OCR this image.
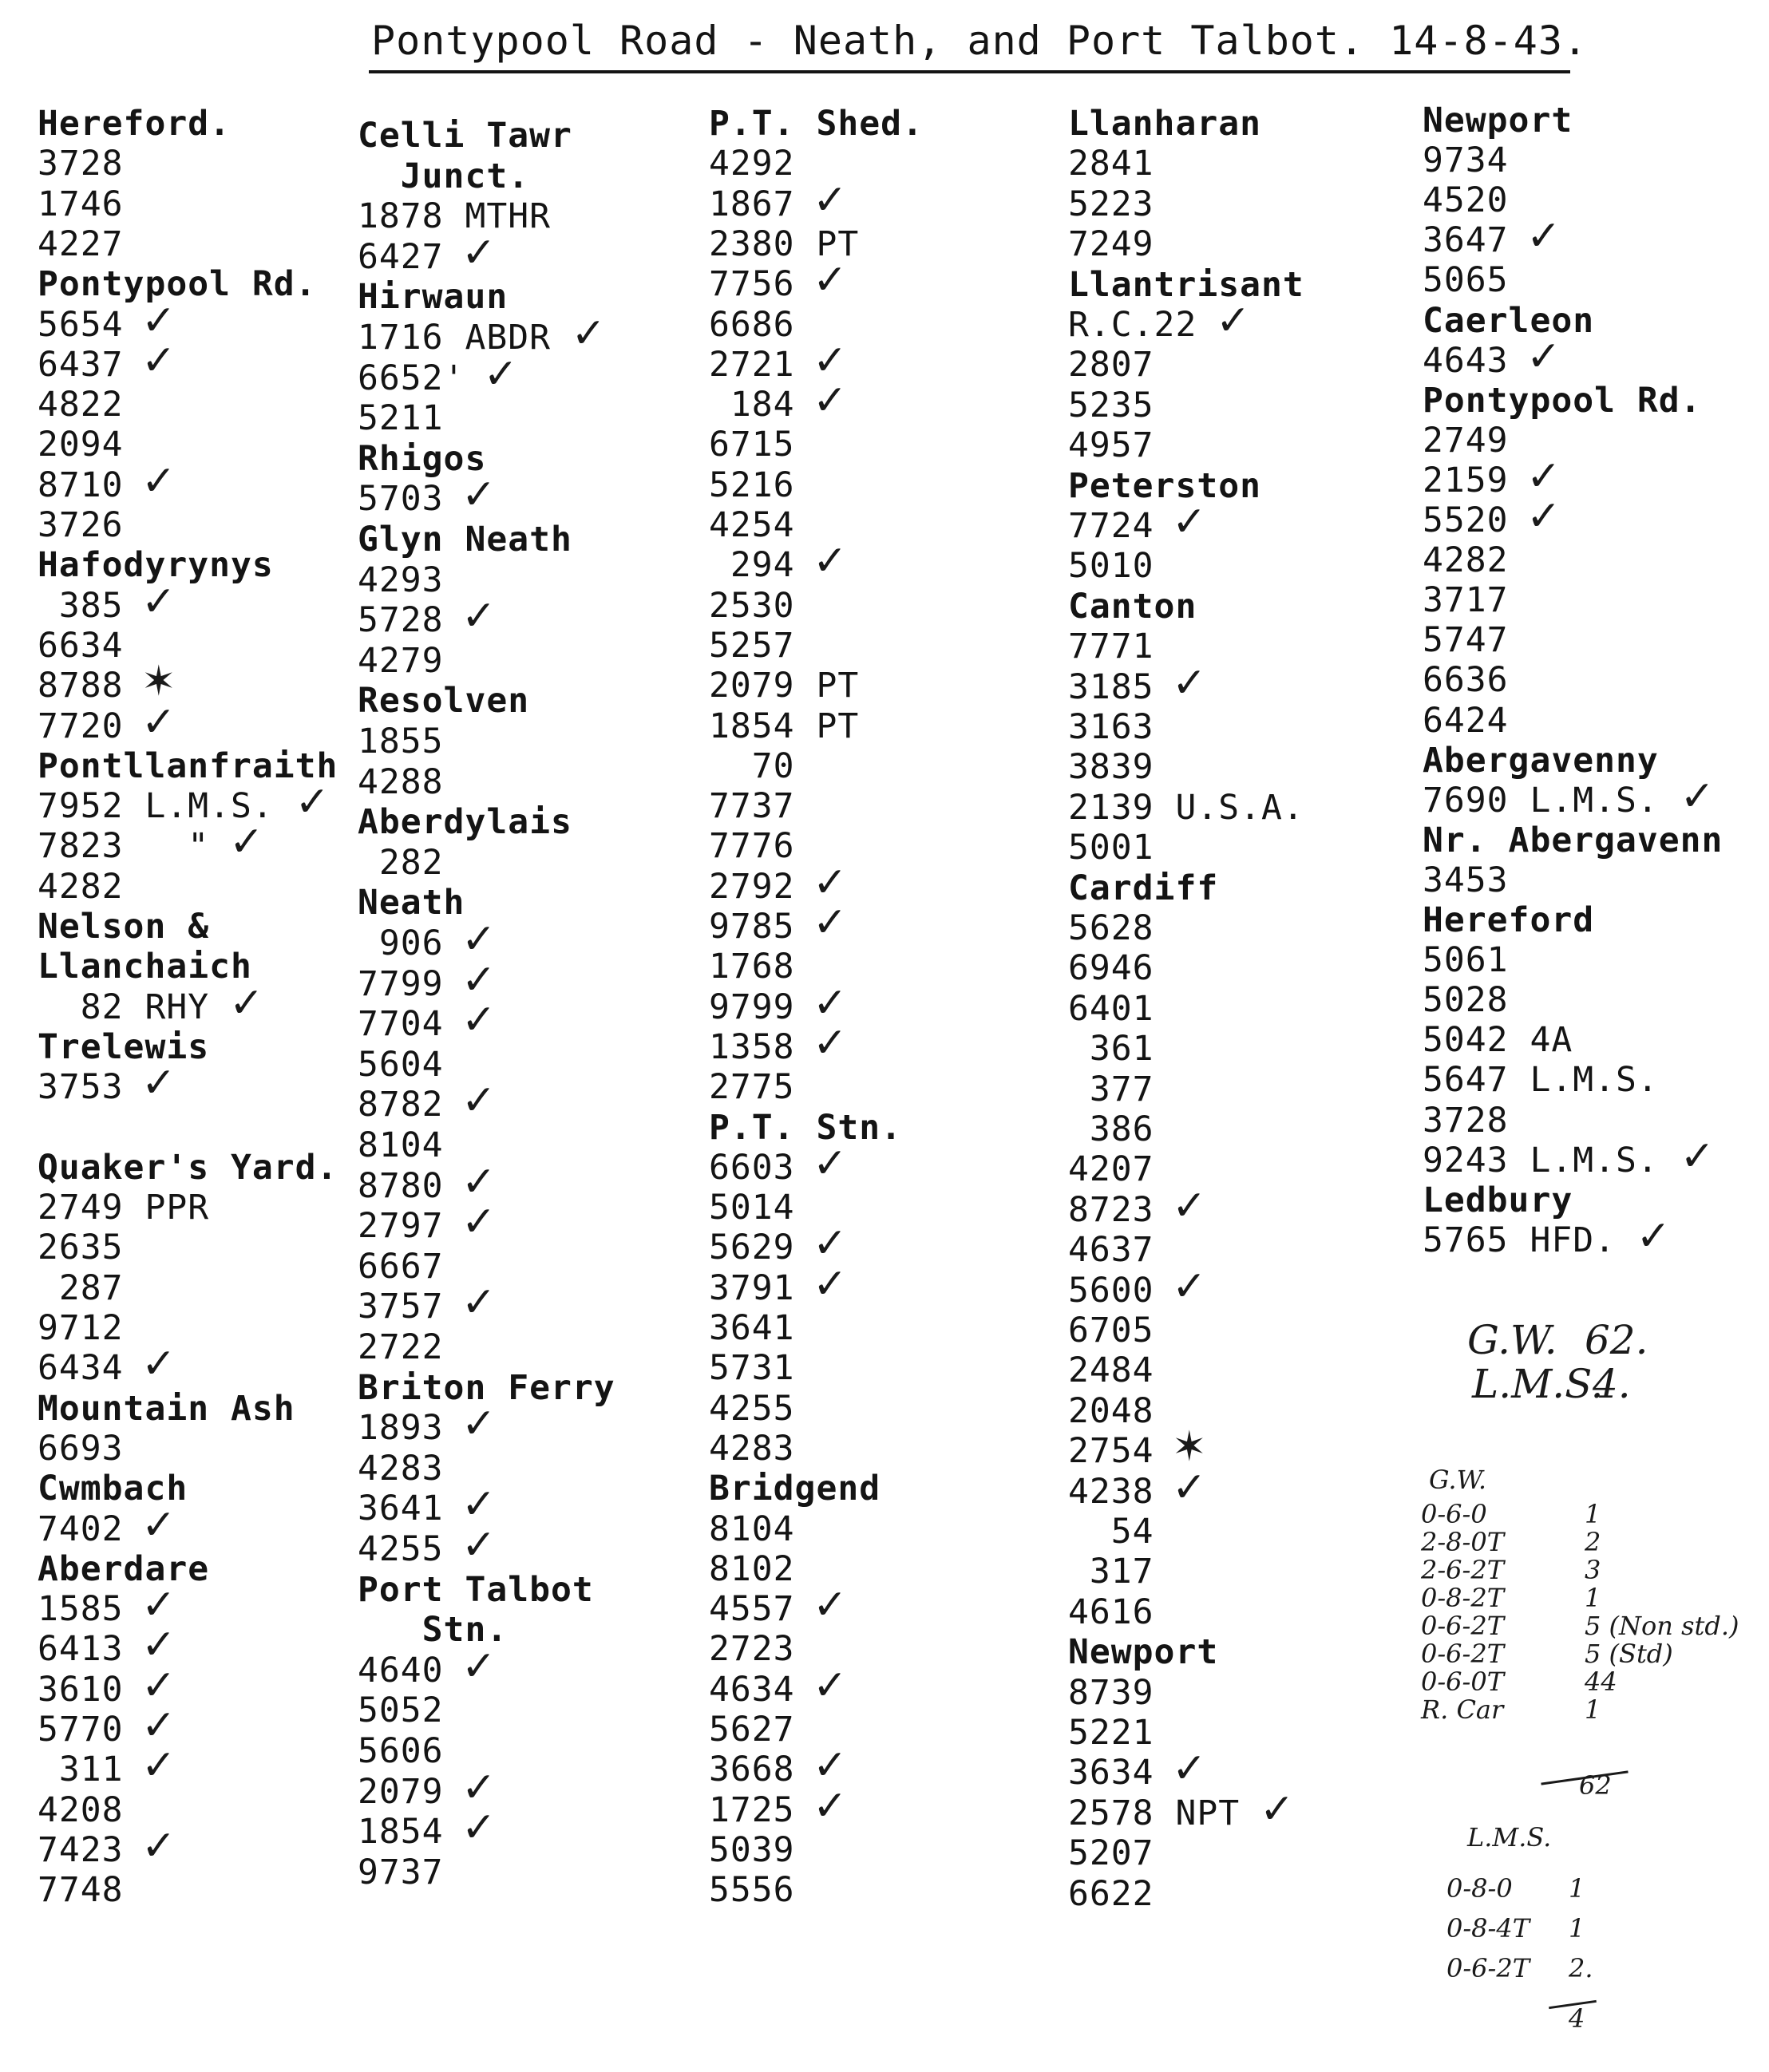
Pontypool Road - Neath, and Port Talbot. 14-8-43.
Hereford.
3728
1746
4227
Pontypool Rd.
5654 ✓
6437 ✓
4822
2094
8710 ✓
3726
Hafodyrynys
385 ✓
6634
8788 ✶
7720 ✓
Pontllanfraith
7952 L.M.S. ✓
7823   " ✓
4282
Nelson &
Llanchaich
82 RHY ✓
Trelewis
3753 ✓
Quaker's Yard.
2749 PPR
2635
287
9712
6434 ✓
Mountain Ash
6693
Cwmbach
7402 ✓
Aberdare
1585 ✓
6413 ✓
3610 ✓
5770 ✓
311 ✓
4208
7423 ✓
7748
Celli Tawr
Junct.
1878 MTHR
6427 ✓
Hirwaun
1716 ABDR ✓
6652' ✓
5211
Rhigos
5703 ✓
Glyn Neath
4293
5728 ✓
4279
Resolven
1855
4288
Aberdylais
282
Neath
906 ✓
7799 ✓
7704 ✓
5604
8782 ✓
8104
8780 ✓
2797 ✓
6667
3757 ✓
2722
Briton Ferry
1893 ✓
4283
3641 ✓
4255 ✓
Port Talbot
Stn.
4640 ✓
5052
5606
2079 ✓
1854 ✓
9737
P.T. Shed.
4292
1867 ✓
2380 PT
7756 ✓
6686
2721 ✓
184 ✓
6715
5216
4254
294 ✓
2530
5257
2079 PT
1854 PT
70
7737
7776
2792 ✓
9785 ✓
1768
9799 ✓
1358 ✓
2775
P.T. Stn.
6603 ✓
5014
5629 ✓
3791 ✓
3641
5731
4255
4283
Bridgend
8104
8102
4557 ✓
2723
4634 ✓
5627
3668 ✓
1725 ✓
5039
5556
Llanharan
2841
5223
7249
Llantrisant
R.C.22 ✓
2807
5235
4957
Peterston
7724 ✓
5010
Canton
7771
3185 ✓
3163
3839
2139 U.S.A.
5001
Cardiff
5628
6946
6401
361
377
386
4207
8723 ✓
4637
5600 ✓
6705
2484
2048
2754 ✶
4238 ✓
54
317
4616
Newport
8739
5221
3634 ✓
2578 NPT ✓
5207
6622
Newport
9734
4520
3647 ✓
5065
Caerleon
4643 ✓
Pontypool Rd.
2749
2159 ✓
5520 ✓
4282
3717
5747
6636
6424
Abergavenny
7690 L.M.S. ✓
Nr. Abergavenn
3453
Hereford
5061
5028
5042 4A
5647 L.M.S.
3728
9243 L.M.S. ✓
Ledbury
5765 HFD. ✓
G.W. 62.
L.M.S.
4.
G.W.
0-6-0	1
2-8-0T	2
2-6-2T	3
0-8-2T	1
0-6-2T	5 (Non std.)
0-6-2T	5 (Std)
0-6-0T	44
R. Car	1
62
L.M.S.
0-8-0 1
0-8-4T 1
0-6-2T 2.
4
